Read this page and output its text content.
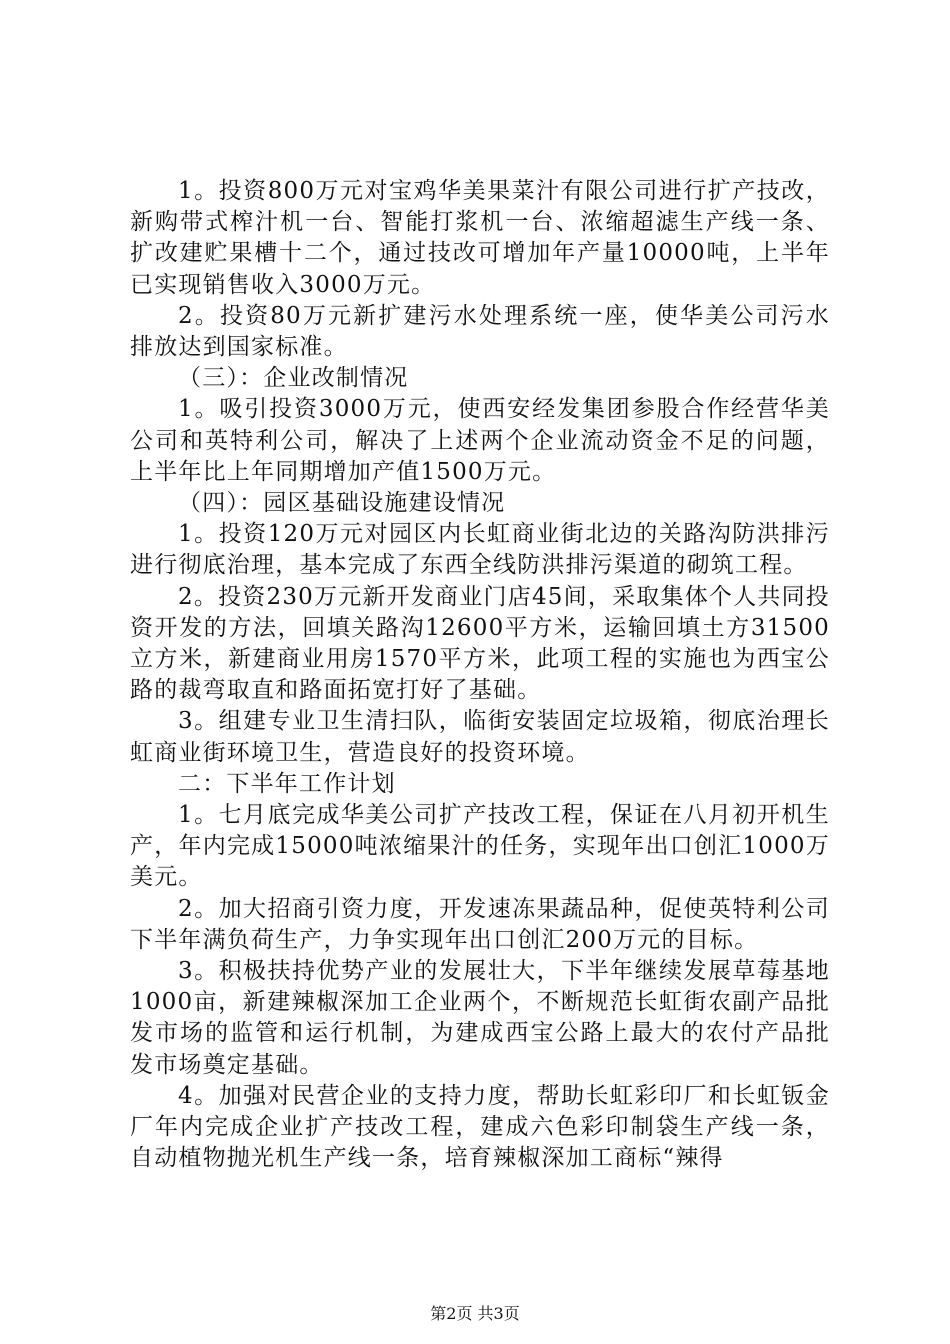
1。投资800万元对宝鸡华美果菜汁有限公司进行扩产技改，新购带式榨汁机一台、智能打浆机一台、浓缩超滤生产线一条、扩改建贮果槽十二个，通过技改可增加年产量10000吨，上半年已实现销售收入3000万元。

2。投资80万元新扩建污水处理系统一座，使华美公司污水排放达到国家标准。

（三）：企业改制情况

1。吸引投资3000万元，使西安经发集团参股合作经营华美公司和英特利公司，解决了上述两个企业流动资金不足的问题，上半年比上年同期增加产值1500万元。

（四）：园区基础设施建设情况

1。投资120万元对园区内长虹商业街北边的关路沟防洪排污进行彻底治理，基本完成了东西全线防洪排污渠道的砌筑工程。

2。投资230万元新开发商业门店45间，采取集体个人共同投资开发的方法，回填关路沟12600平方米，运输回填土方31500立方米，新建商业用房1570平方米，此项工程的实施也为西宝公路的裁弯取直和路面拓宽打好了基础。

3。组建专业卫生清扫队，临街安装固定垃圾箱，彻底治理长虹商业街环境卫生，营造良好的投资环境。

二：下半年工作计划

1。七月底完成华美公司扩产技改工程，保证在八月初开机生产，年内完成15000吨浓缩果汁的任务，实现年出口创汇1000万美元。

2。加大招商引资力度，开发速冻果蔬品种，促使英特利公司下半年满负荷生产，力争实现年出口创汇200万元的目标。

3。积极扶持优势产业的发展壮大，下半年继续发展草莓基地1000亩，新建辣椒深加工企业两个，不断规范长虹街农副产品批发市场的监管和运行机制，为建成西宝公路上最大的农付产品批发市场奠定基础。

4。加强对民营企业的支持力度，帮助长虹彩印厂和长虹钣金厂年内完成企业扩产技改工程，建成六色彩印制袋生产线一条，自动植物抛光机生产线一条，培育辣椒深加工商标“辣得

第2页 共3页
